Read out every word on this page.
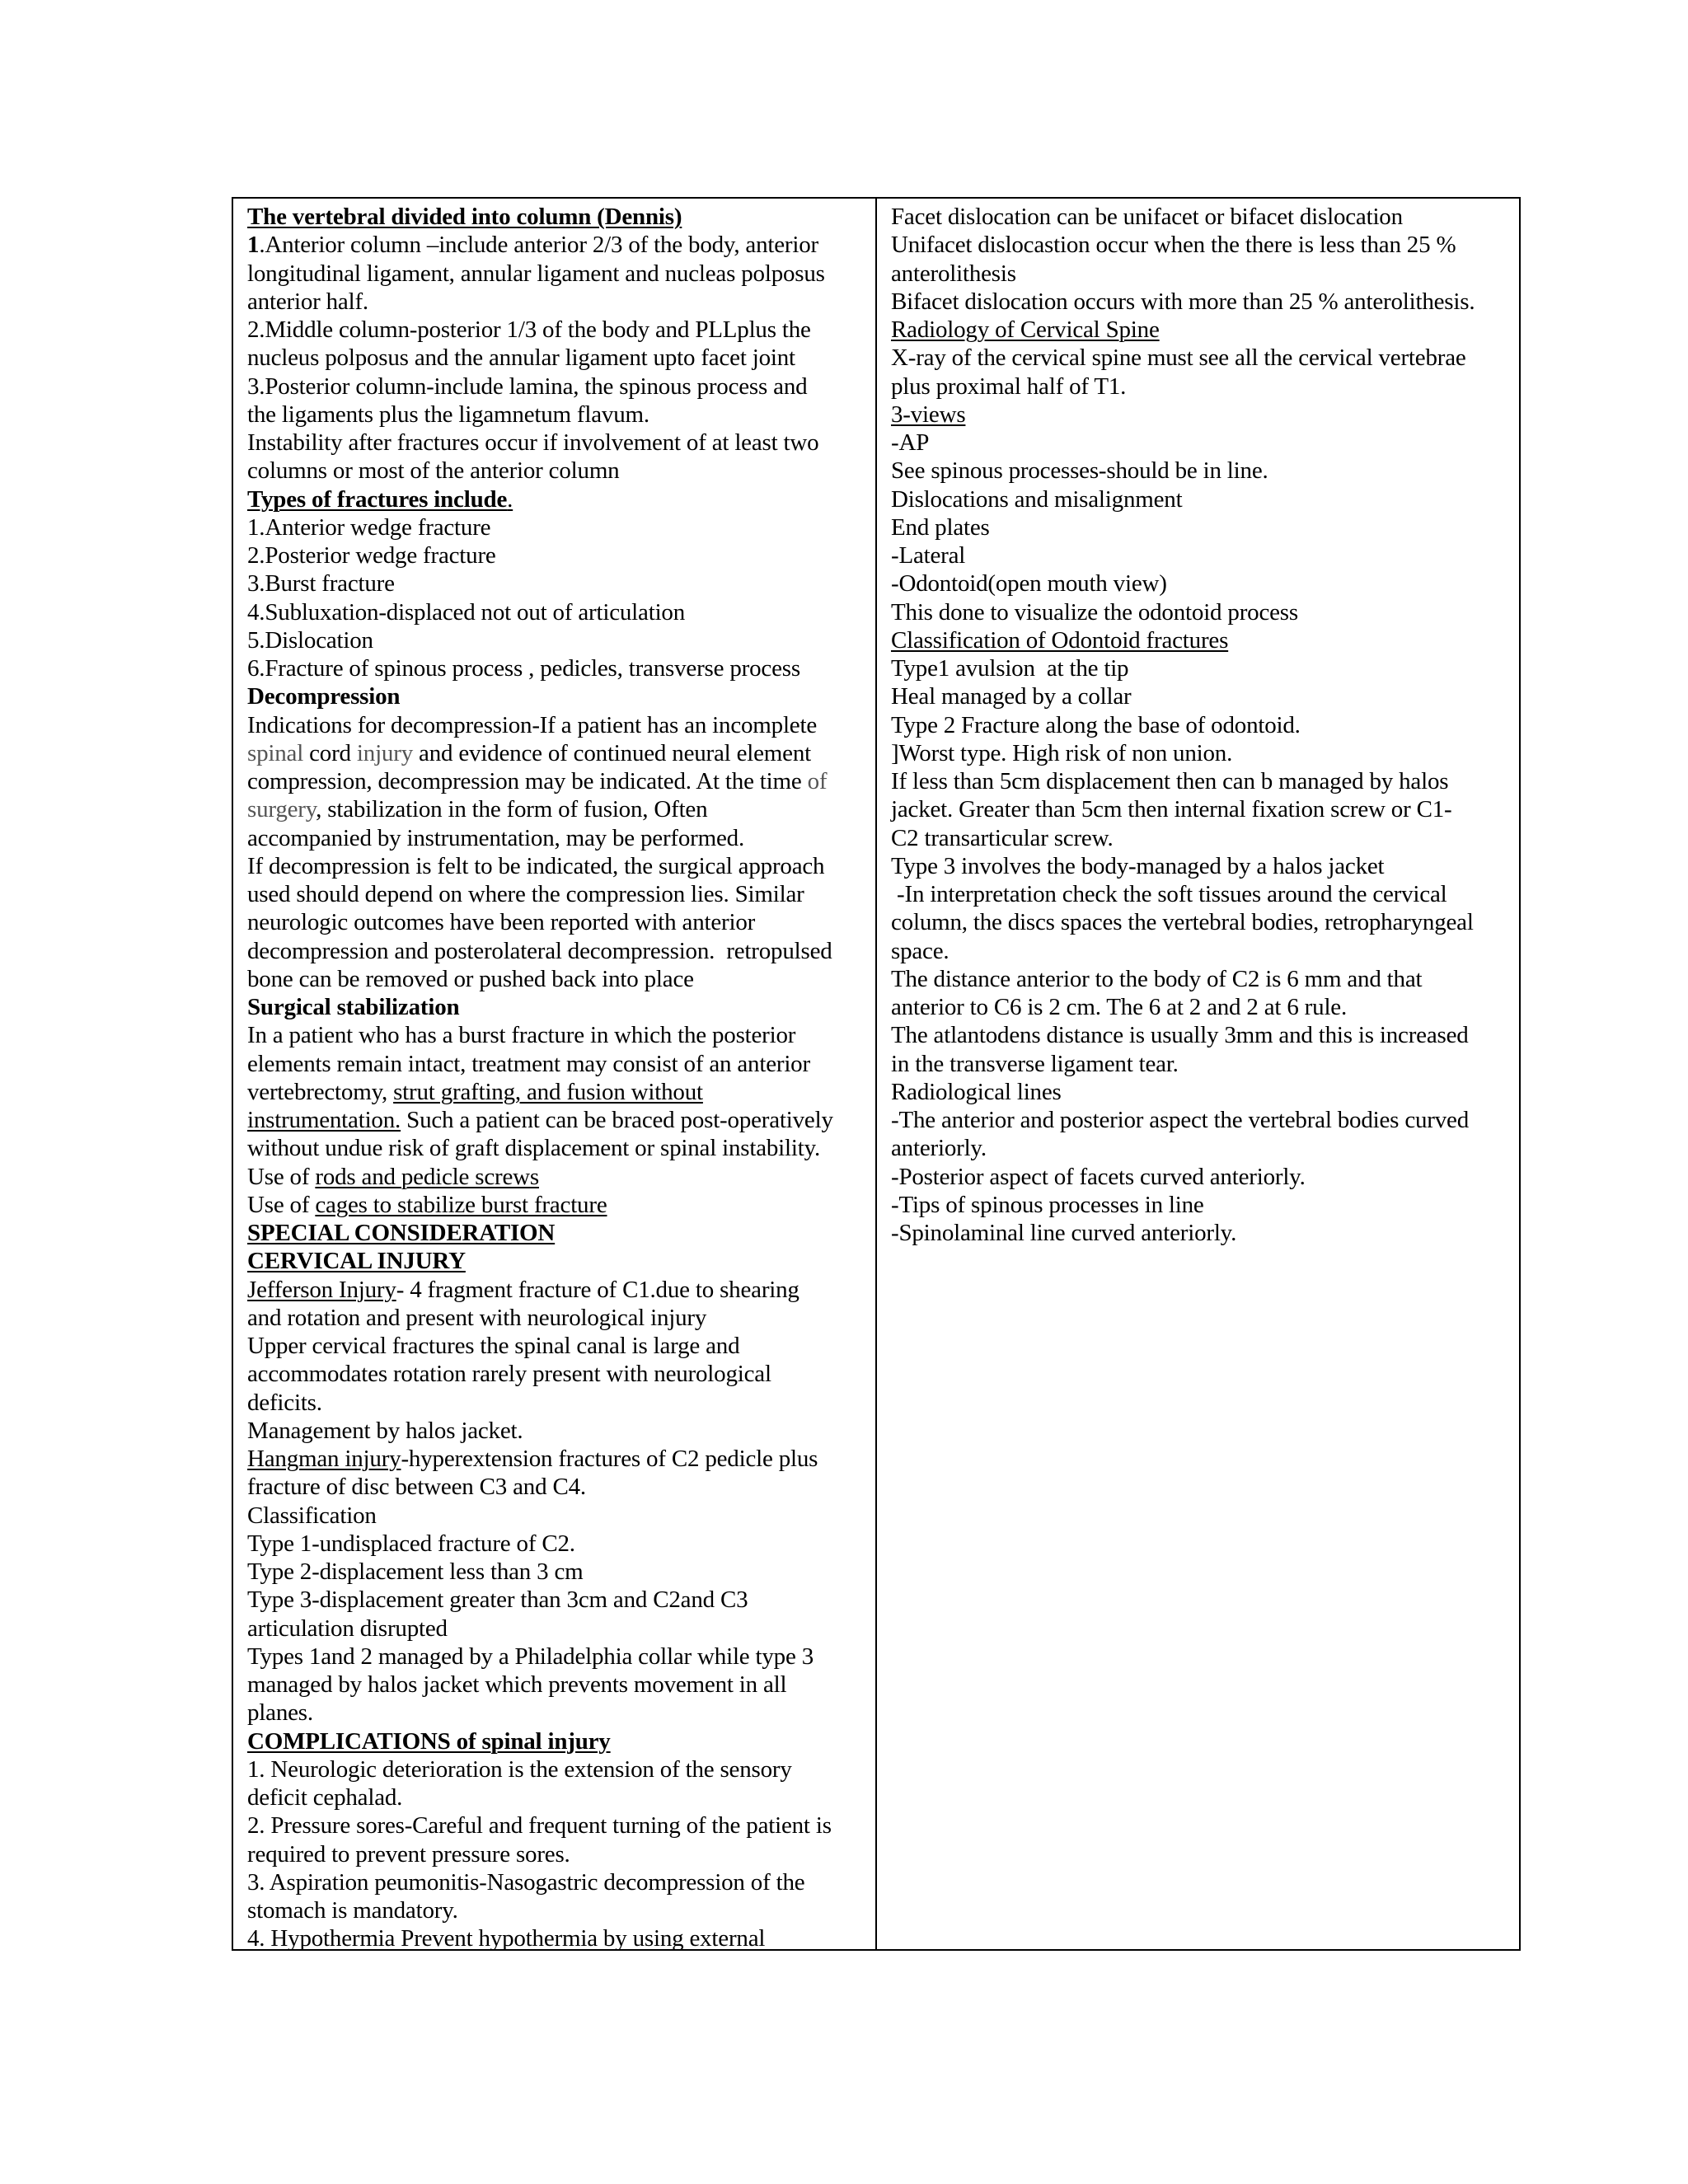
The vertebral divided into column (Dennis)
1.Anterior column –include anterior 2/3 of the body, anterior
longitudinal ligament, annular ligament and nucleas polposus
anterior half.
2.Middle column-posterior 1/3 of the body and PLLplus the
nucleus polposus and the annular ligament upto facet joint
3.Posterior column-include lamina, the spinous process and
the ligaments plus the ligamnetum flavum.
Instability after fractures occur if involvement of at least two
columns or most of the anterior column
Types of fractures include.
1.Anterior wedge fracture
2.Posterior wedge fracture
3.Burst fracture
4.Subluxation-displaced not out of articulation
5.Dislocation
6.Fracture of spinous process , pedicles, transverse process
Decompression
Indications for decompression-If a patient has an incomplete
spinal cord injury and evidence of continued neural element
compression, decompression may be indicated. At the time of
surgery, stabilization in the form of fusion, Often
accompanied by instrumentation, may be performed.
If decompression is felt to be indicated, the surgical approach
used should depend on where the compression lies. Similar
neurologic outcomes have been reported with anterior
decompression and posterolateral decompression.  retropulsed
bone can be removed or pushed back into place
Surgical stabilization
In a patient who has a burst fracture in which the posterior
elements remain intact, treatment may consist of an anterior
vertebrectomy, strut grafting, and fusion without
instrumentation. Such a patient can be braced post-operatively
without undue risk of graft displacement or spinal instability.
Use of rods and pedicle screws
Use of cages to stabilize burst fracture
SPECIAL CONSIDERATION
CERVICAL INJURY
Jefferson Injury- 4 fragment fracture of C1.due to shearing
and rotation and present with neurological injury
Upper cervical fractures the spinal canal is large and
accommodates rotation rarely present with neurological
deficits.
Management by halos jacket.
Hangman injury-hyperextension fractures of C2 pedicle plus
fracture of disc between C3 and C4.
Classification
Type 1-undisplaced fracture of C2.
Type 2-displacement less than 3 cm
Type 3-displacement greater than 3cm and C2and C3
articulation disrupted
Types 1and 2 managed by a Philadelphia collar while type 3
managed by halos jacket which prevents movement in all
planes.
COMPLICATIONS of spinal injury
1. Neurologic deterioration is the extension of the sensory
deficit cephalad.
2. Pressure sores-Careful and frequent turning of the patient is
required to prevent pressure sores.
3. Aspiration peumonitis-Nasogastric decompression of the
stomach is mandatory.
4. Hypothermia Prevent hypothermia by using external
Facet dislocation can be unifacet or bifacet dislocation
Unifacet dislocastion occur when the there is less than 25 %
anterolithesis
Bifacet dislocation occurs with more than 25 % anterolithesis.
Radiology of Cervical Spine
X-ray of the cervical spine must see all the cervical vertebrae
plus proximal half of T1.
3-views
-AP
See spinous processes-should be in line.
Dislocations and misalignment
End plates
-Lateral
-Odontoid(open mouth view)
This done to visualize the odontoid process
Classification of Odontoid fractures
Type1 avulsion  at the tip
Heal managed by a collar
Type 2 Fracture along the base of odontoid.
]Worst type. High risk of non union.
If less than 5cm displacement then can b managed by halos
jacket. Greater than 5cm then internal fixation screw or C1-
C2 transarticular screw.
Type 3 involves the body-managed by a halos jacket
-In interpretation check the soft tissues around the cervical
column, the discs spaces the vertebral bodies, retropharyngeal
space.
The distance anterior to the body of C2 is 6 mm and that
anterior to C6 is 2 cm. The 6 at 2 and 2 at 6 rule.
The atlantodens distance is usually 3mm and this is increased
in the transverse ligament tear.
Radiological lines
-The anterior and posterior aspect the vertebral bodies curved
anteriorly.
-Posterior aspect of facets curved anteriorly.
-Tips of spinous processes in line
-Spinolaminal line curved anteriorly.
